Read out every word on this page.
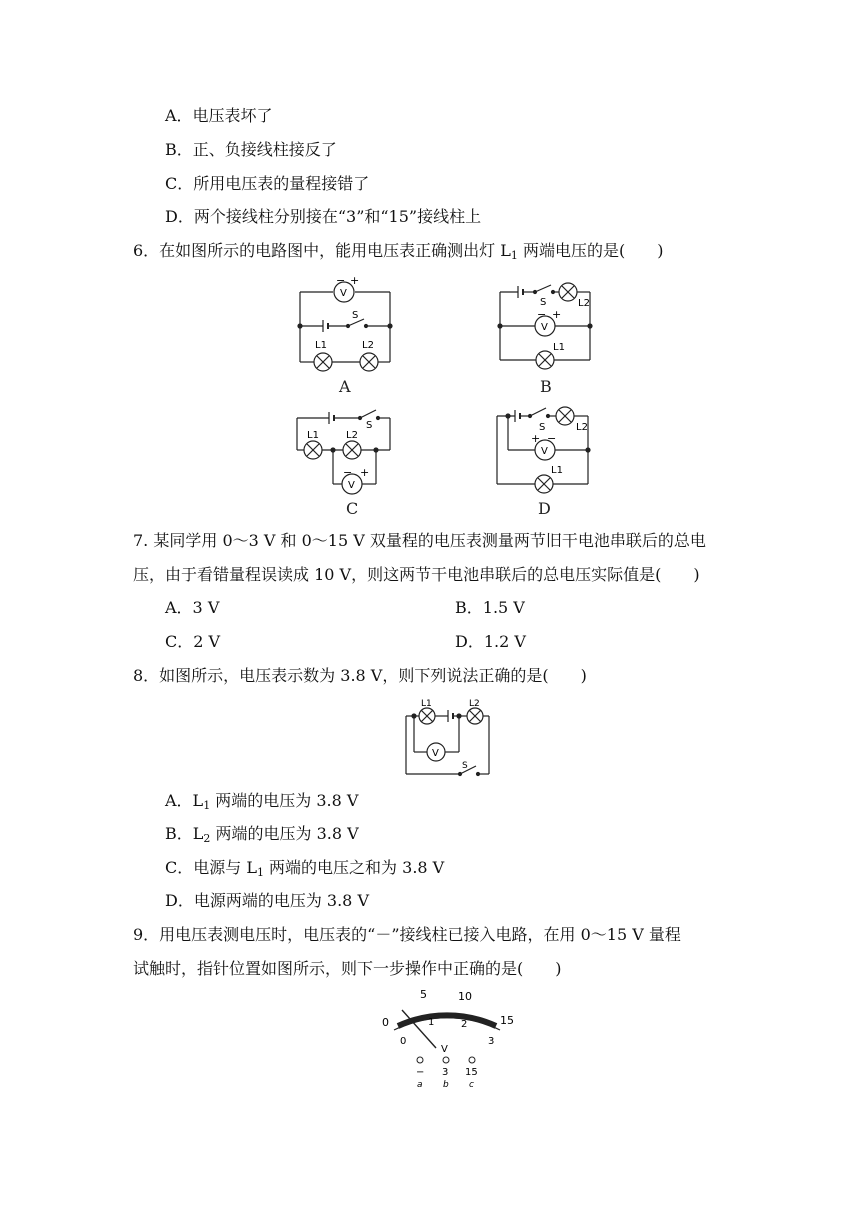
A．电压表坏了
B．正、负接线柱接反了
C．所用电压表的量程接错了
D．两个接线柱分别接在“3”和“15”接线柱上
6．在如图所示的电路图中，能用电压表正确测出灯 $L_1$ 两端电压的是(　　)
− +
V
S
L1	L2
A
S	L2
− +
V
L1
B
S
L1	L2
− +
V
C
S	L2
+ −
V
L1
D
L1	L2
V
S
0
5	10
15
0
1	2
3
V
− 3 15
a b c
7. 某同学用 0～3 V 和 0～15 V 双量程的电压表测量两节旧干电池串联后的总电
压，由于看错量程误读成 10 V，则这两节干电池串联后的总电压实际值是(　　)
A．3 V	B．1.5 V
C．2 V	D．1.2 V
8．如图所示，电压表示数为 3.8 V，则下列说法正确的是(　　)
A．$L_1$ 两端的电压为 3.8 V
B．$L_2$ 两端的电压为 3.8 V
C．电源与 $L_1$ 两端的电压之和为 3.8 V
D．电源两端的电压为 3.8 V
9．用电压表测电压时，电压表的“－”接线柱已接入电路，在用 0～15 V 量程
试触时，指针位置如图所示，则下一步操作中正确的是(　　)
